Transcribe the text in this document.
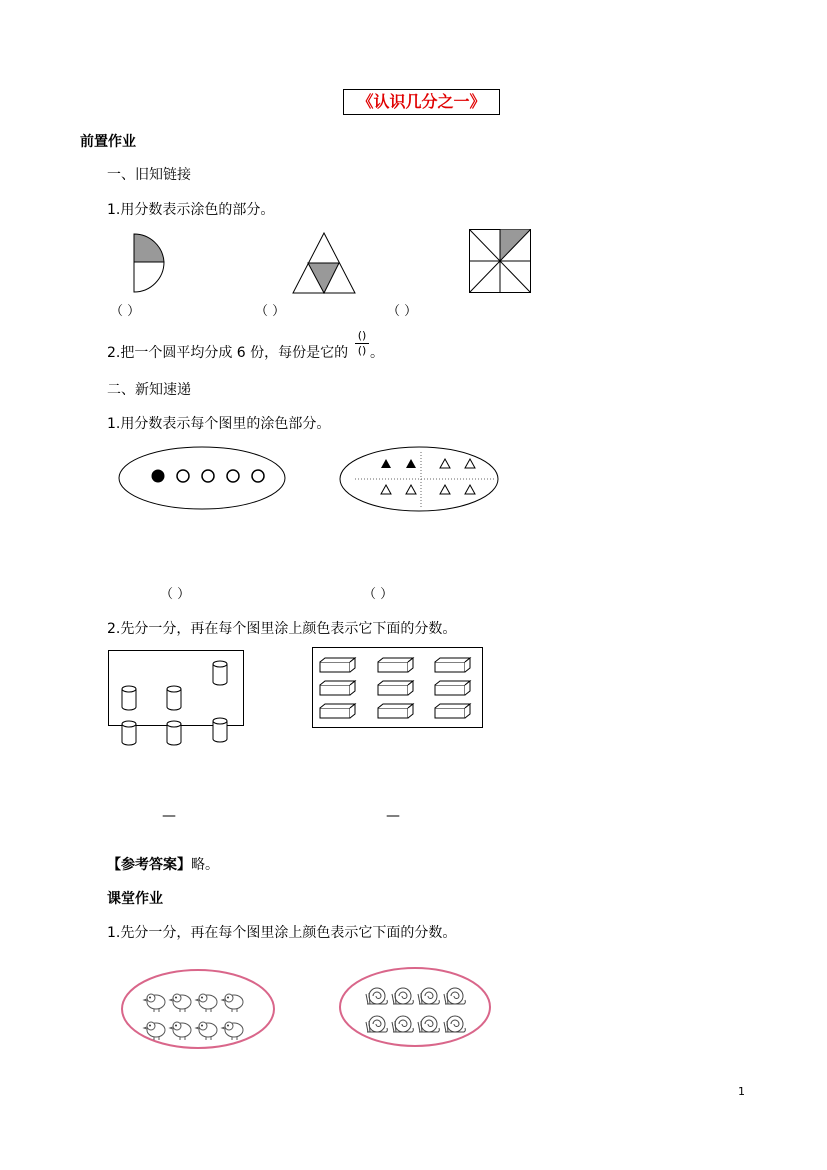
《认识几分之一》
前置作业
一、旧知链接
1.用分数表示涂色的部分。
（ ）	（ ）	（ ）
2.把一个圆平均分成 6 份，每份是它的
()
() 。
二、新知速递
1.用分数表示每个图里的涂色部分。
（ ）	（ ）
2.先分一分，再在每个图里涂上颜色表示它下面的分数。
—	—
【参考答案】略。
课堂作业
1.先分一分，再在每个图里涂上颜色表示它下面的分数。
1
